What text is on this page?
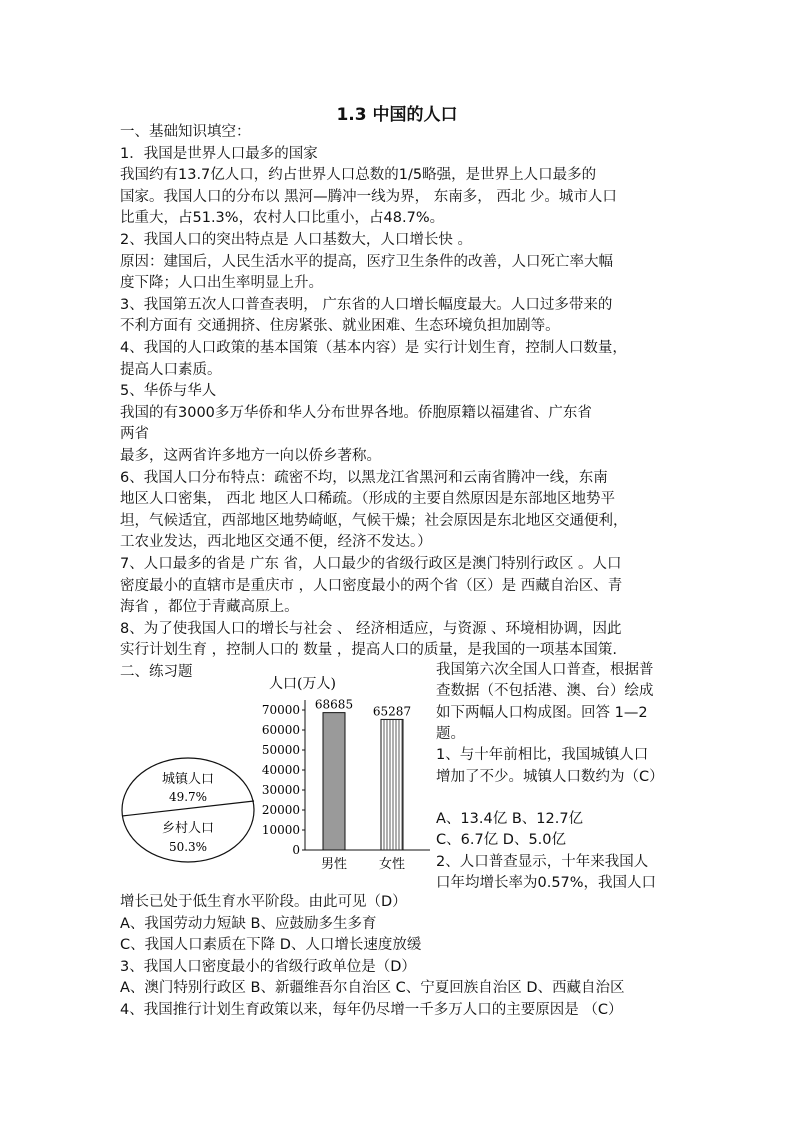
1.3 中国的人口
一、基础知识填空：
1．我国是世界人口最多的国家
我国约有13.7亿人口，约占世界人口总数的1/5略强，是世界上人口最多的
国家。我国人口的分布以 黑河—腾冲一线为界， 东南多， 西北 少。城市人口
比重大，占51.3%，农村人口比重小，占48.7%。
2、我国人口的突出特点是 人口基数大，人口增长快 。
原因：建国后，人民生活水平的提高，医疗卫生条件的改善，人口死亡率大幅
度下降；人口出生率明显上升。
3、我国第五次人口普查表明， 广东省的人口增长幅度最大。人口过多带来的
不利方面有 交通拥挤、住房紧张、就业困难、生态环境负担加剧等。
4、我国的人口政策的基本国策（基本内容）是 实行计划生育，控制人口数量，
提高人口素质。
5、华侨与华人
我国的有3000多万华侨和华人分布世界各地。侨胞原籍以福建省、广东省
两省
最多，这两省许多地方一向以侨乡著称。
6、我国人口分布特点：疏密不均，以黑龙江省黑河和云南省腾冲一线，东南
地区人口密集， 西北 地区人口稀疏。（形成的主要自然原因是东部地区地势平
坦，气候适宜，西部地区地势崎岖，气候干燥；社会原因是东北地区交通便利，
工农业发达，西北地区交通不便，经济不发达。）
7、人口最多的省是 广东 省，人口最少的省级行政区是澳门特别行政区 。人口
密度最小的直辖市是重庆市 ，人口密度最小的两个省（区）是 西藏自治区、青
海省 ，都位于青藏高原上。
8、为了使我国人口的增长与社会 、 经济相适应，与资源 、环境相协调，因此
实行计划生育 ，控制人口的 数量 ，提高人口的质量，是我国的一项基本国策.
二、练习题	我国第六次全国人口普查，根据普
查数据（不包括港、澳、台）绘成
如下两幅人口构成图。回答 1—2
题。
1、与十年前相比，我国城镇人口
增加了不少。城镇人口数约为（C）
A、13.4亿 B、12.7亿
C、6.7亿 D、5.0亿
2、人口普查显示，十年来我国人
口年均增长率为0.57%，我国人口
增长已处于低生育水平阶段。由此可见（D）
A、我国劳动力短缺 B、应鼓励多生多育
C、我国人口素质在下降 D、人口增长速度放缓
3、我国人口密度最小的省级行政单位是（D）
A、澳门特别行政区 B、新疆维吾尔自治区 C、宁夏回族自治区 D、西藏自治区
4、我国推行计划生育政策以来，每年仍尽增一千多万人口的主要原因是 （C）
人口(万人)
0
10000
20000
30000
40000
50000
60000
70000 68685
男性
65287
女性
城镇人口
49.7%
乡村人口
50.3%
